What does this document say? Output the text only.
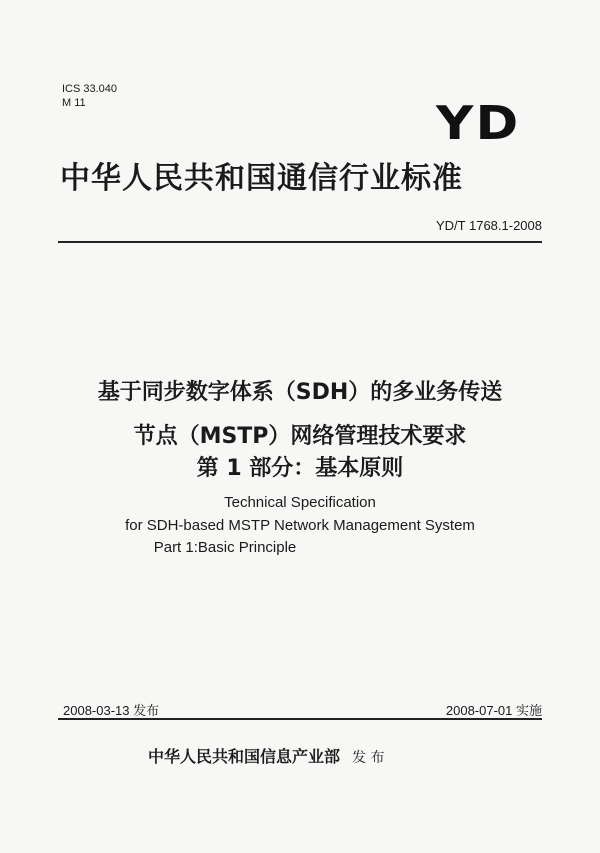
ICS 33.040
M 11	YD
中华人民共和国通信行业标准
YD/T 1768.1-2008
基于同步数字体系（SDH）的多业务传送
节点（MSTP）网络管理技术要求
第 1 部分：基本原则
Technical Specification
for SDH-based MSTP Network Management System
Part 1:Basic Principle
2008-03-13 发布	2008-07-01 实施
中华人民共和国信息产业部 发 布
